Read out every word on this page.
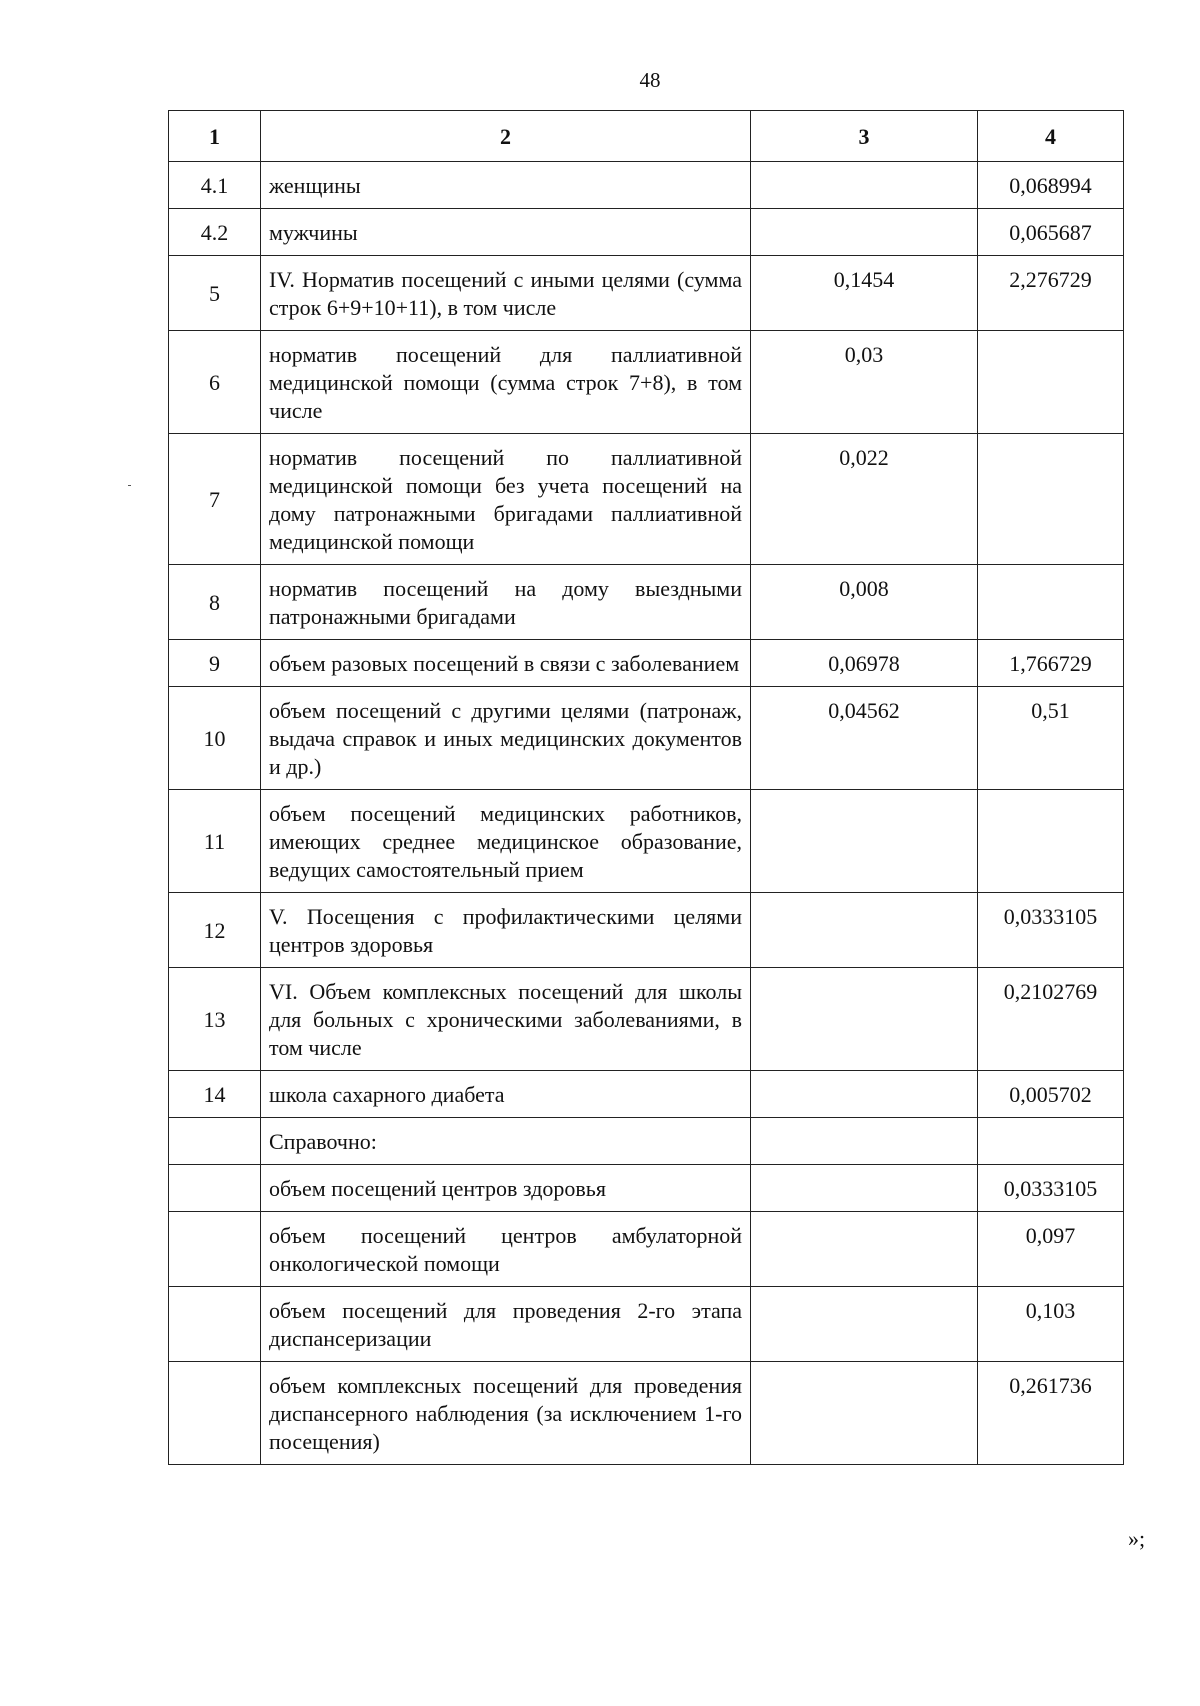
48
1	2	3	4
4.1	женщины		0,068994
4.2	мужчины		0,065687
5	IV. Норматив посещений с иными целями (сумма строк 6+9+10+11), в том числе	0,1454	2,276729
6	норматив посещений для паллиативной медицинской помощи (сумма строк 7+8), в том числе	0,03	
7	норматив посещений по паллиативной медицинской помощи без учета посещений на дому патронажными бригадами паллиативной медицинской помощи	0,022	
8	норматив посещений на дому выездными патронажными бригадами	0,008	
9	объем разовых посещений в связи с заболеванием	0,06978	1,766729
10	объем посещений с другими целями (патронаж, выдача справок и иных медицинских документов и др.)	0,04562	0,51
11	объем посещений медицинских работников, имеющих среднее медицинское образование, ведущих самостоятельный прием		
12	V. Посещения с профилактическими целями центров здоровья		0,0333105
13	VI. Объем комплексных посещений для школы для больных с хроническими заболеваниями, в том числе		0,2102769
14	школа сахарного диабета		0,005702
	Справочно:		
	объем посещений центров здоровья		0,0333105
	объем посещений центров амбулаторной онкологической помощи		0,097
	объем посещений для проведения 2-го этапа диспансеризации		0,103
	объем комплексных посещений для проведения диспансерного наблюдения (за исключением 1-го посещения)		0,261736
»;
